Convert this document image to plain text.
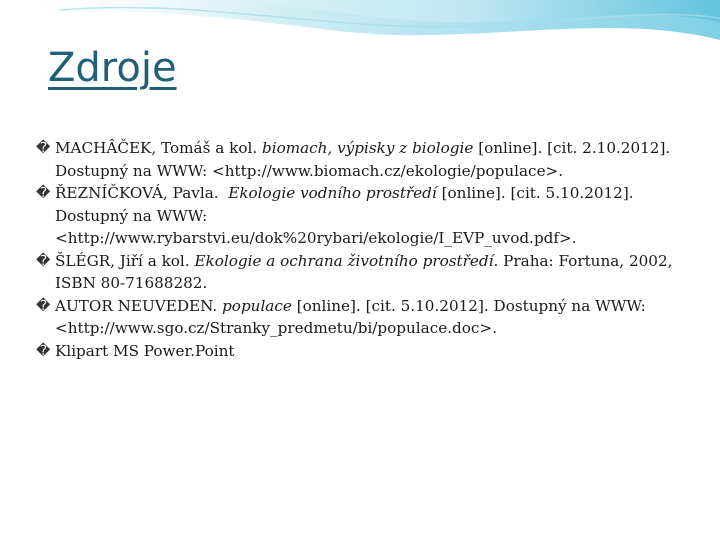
Zdroje
� MACHÂČEK, Tomáš a kol. biomach, výpisky z biologie [online]. [cit. 2.10.2012]. Dostupný na WWW: <http://www.biomach.cz/ekologie/populace>.
� ŘEZNÍČKOVÁ, Pavla. Ekologie vodního prostředí [online]. [cit. 5.10.2012].
Dostupný na WWW:
<http://www.rybarstvi.eu/dok%20rybari/ekologie/I_EVP_uvod.pdf>.
� ŠLÉGR, Jiří a kol. Ekologie a ochrana životního prostředí. Praha: Fortuna, 2002,
ISBN 80-71688282.
� AUTOR NEUVEDEN. populace [online]. [cit. 5.10.2012]. Dostupný na WWW:
<http://www.sgo.cz/Stranky_predmetu/bi/populace.doc>.
� Klipart MS Power.Point
